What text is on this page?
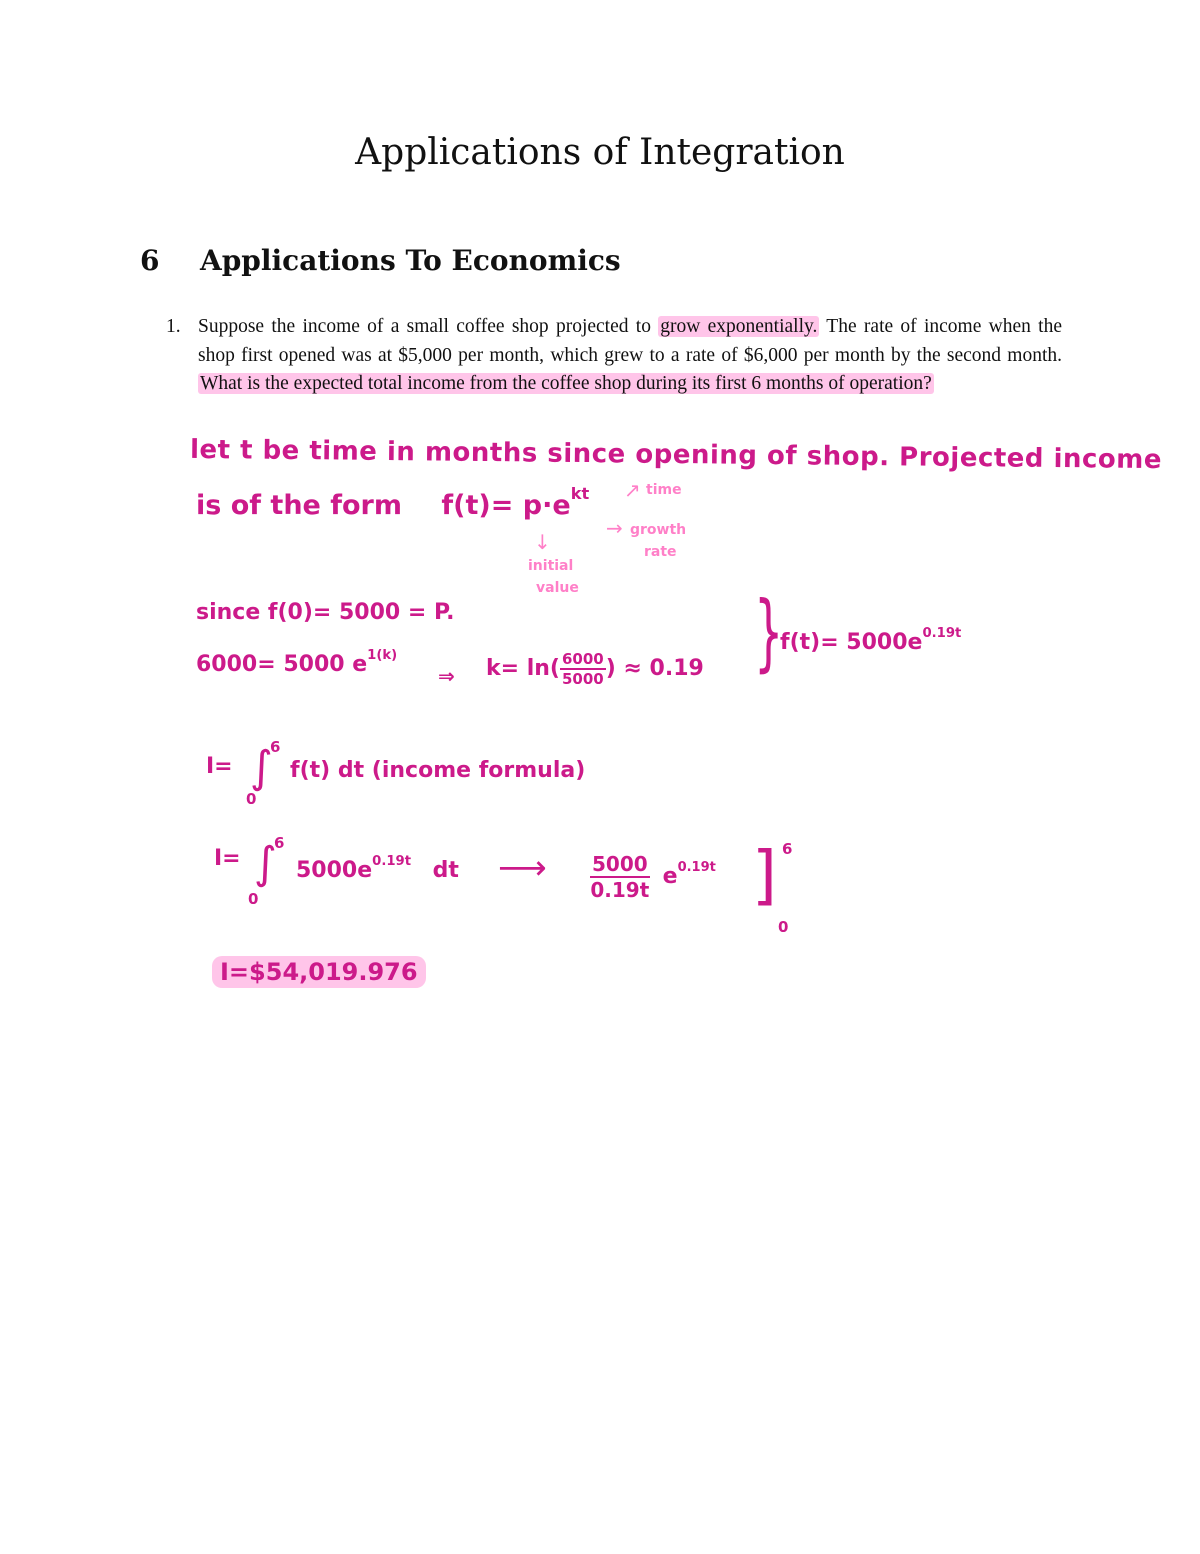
Applications of Integration
6 Applications To Economics
1. Suppose the income of a small coffee shop projected to grow exponentially. The rate of income when the shop first opened was at $5,000 per month, which grew to a rate of $6,000 per month by the second month. What is the expected total income from the coffee shop during its first 6 months of operation?
let t be time in months since opening of shop. Projected income
is of the form $f(t)= p\cdot e^{kt}$ ↗ time
→ growth
rate
↓
initial
value
since f(0)= 5000 = P.
6000= 5000 $e^{1(k)}$
⇒ $k= \ln( \frac{6000}{5000}$ ) ≈ 0.19 }
$f(t)= 5000e^{0.19t}$
I= ∫
6
0
f(t) dt (income formula)
I= ∫
6
0
$5000e^{0.19t}$ dt ⟶ $\frac{5000}{0.19t} e^{0.19t}$ ] 6
0
I=$54,019.976
